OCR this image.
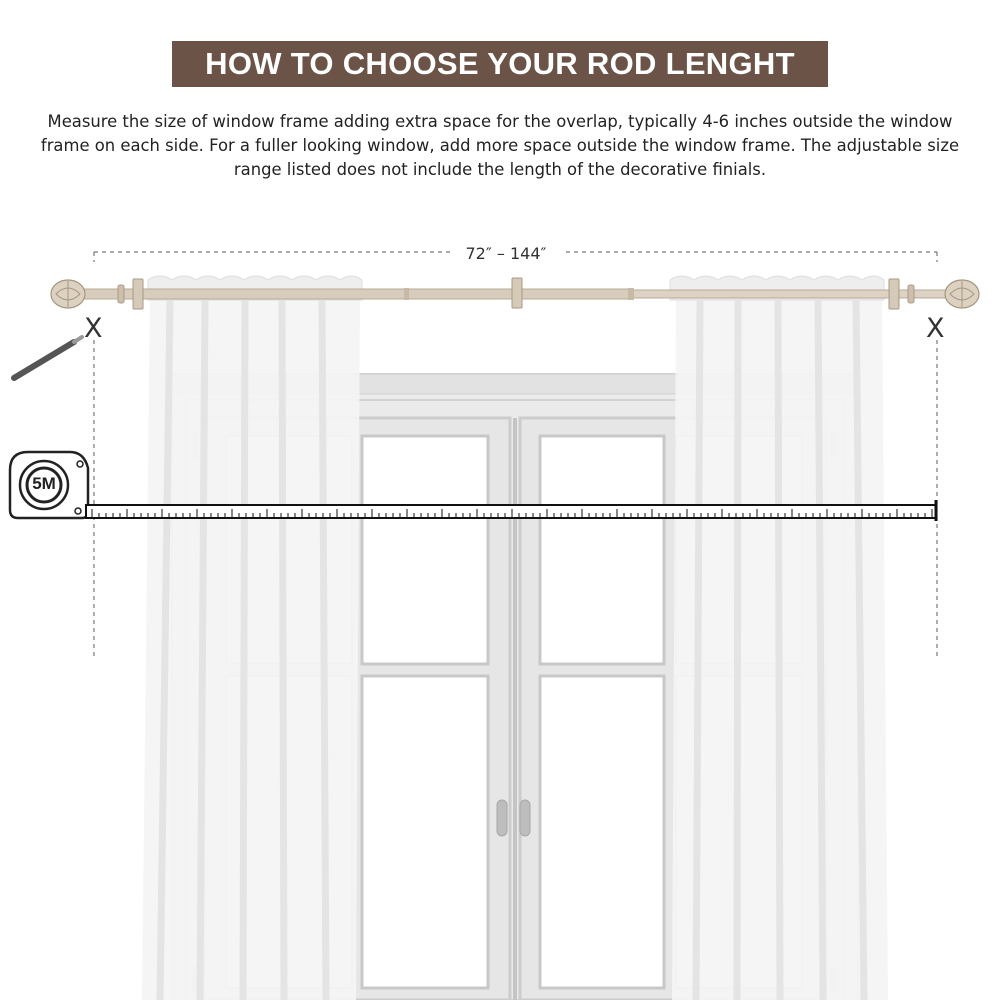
HOW TO CHOOSE YOUR ROD LENGHT

Measure the size of window frame adding extra space for the overlap, typically 4-6 inches outside the window frame on each side. For a fuller looking window, add more space outside the window frame. The adjustable size range listed does not include the length of the decorative finials.

72″ – 144″
5M
X	X
